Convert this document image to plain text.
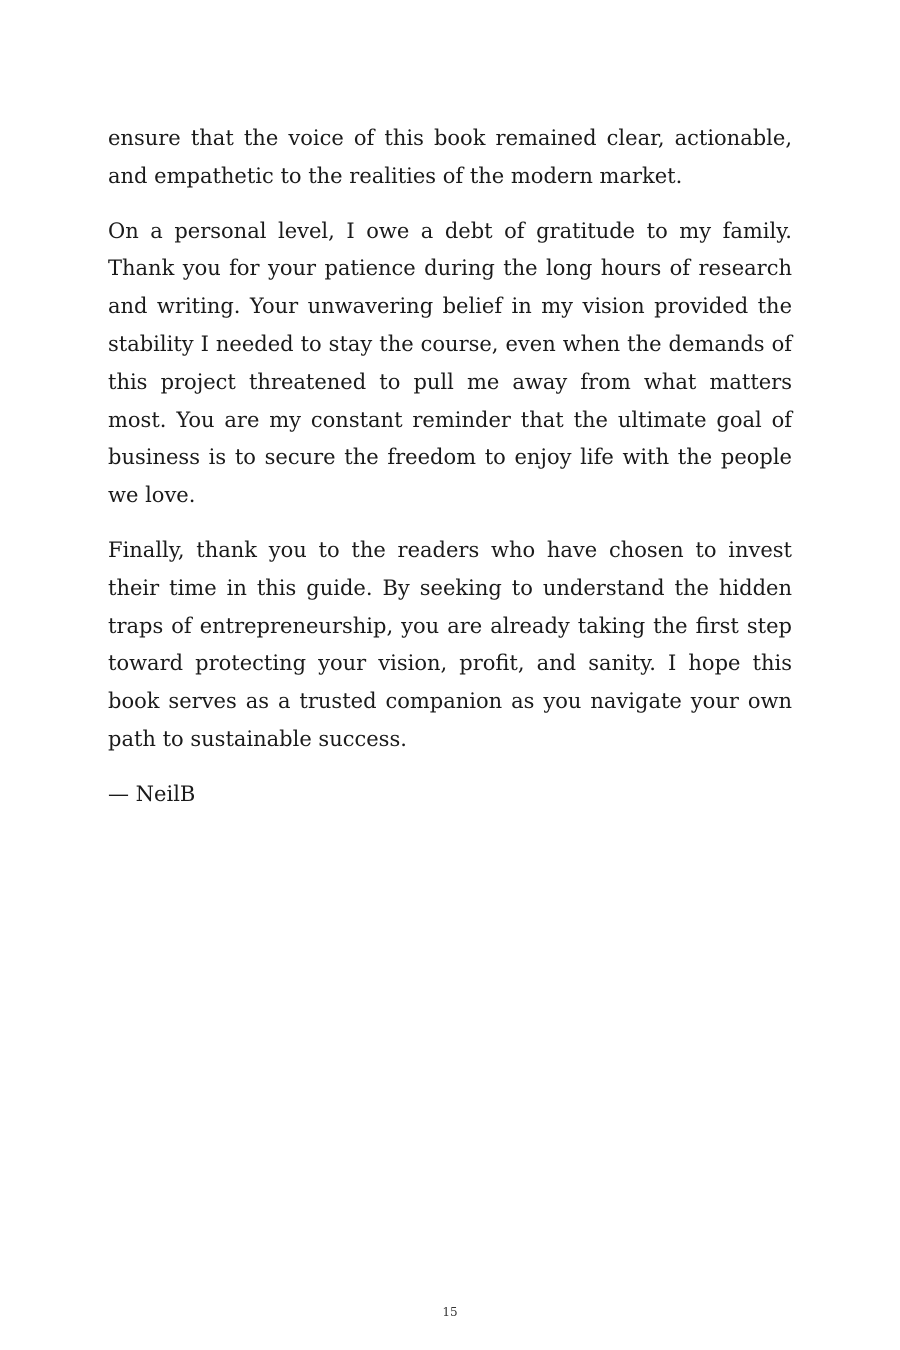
ensure that the voice of this book remained clear, actionable, and empathetic to the realities of the modern market.

On a personal level, I owe a debt of gratitude to my family. Thank you for your patience during the long hours of research and writing. Your unwavering belief in my vision provided the stability I needed to stay the course, even when the demands of this project threatened to pull me away from what matters most. You are my constant reminder that the ultimate goal of business is to secure the freedom to enjoy life with the people we love.

Finally, thank you to the readers who have chosen to invest their time in this guide. By seeking to understand the hidden traps of entrepreneurship, you are already taking the first step toward protecting your vision, profit, and sanity. I hope this book serves as a trusted companion as you navigate your own path to sustainable success.

— NeilB

15
